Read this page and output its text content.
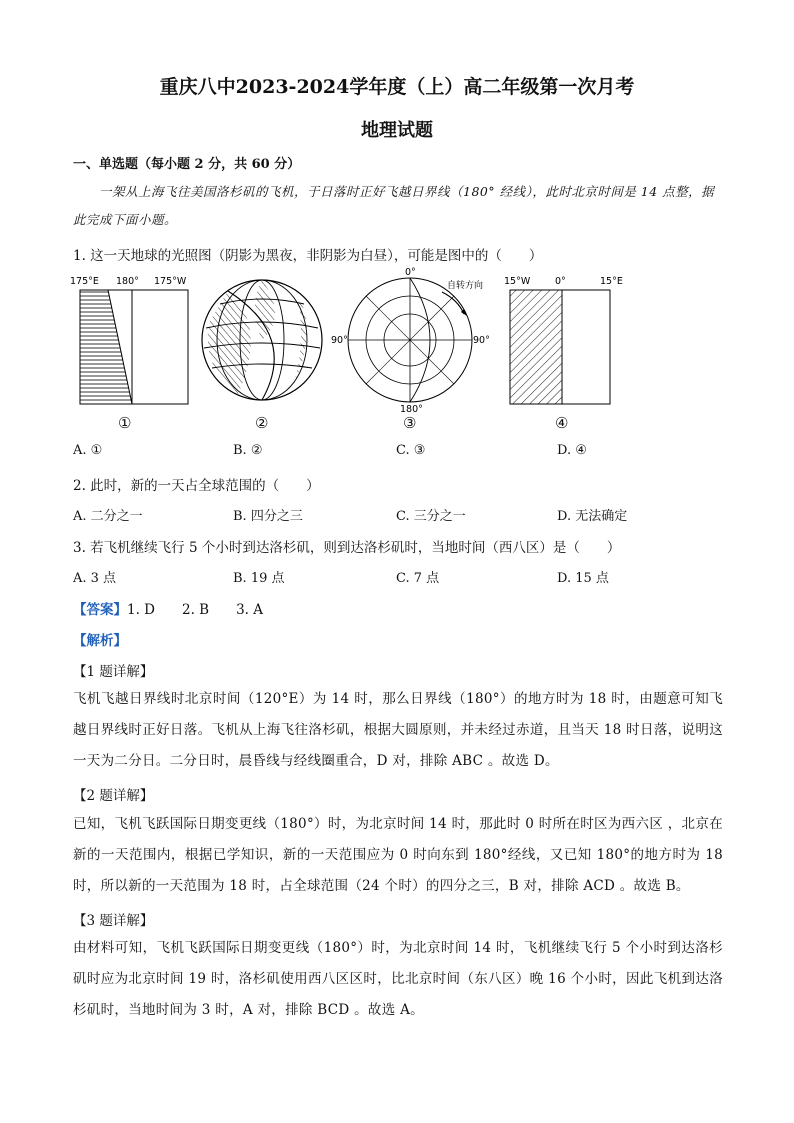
重庆八中2023-2024学年度（上）高二年级第一次月考
地理试题
一、单选题（每小题 2 分，共 60 分）
一架从上海飞往美国洛杉矶的飞机，于日落时正好飞越日界线（180° 经线），此时北京时间是 14 点整，据此完成下面小题。
1. 这一天地球的光照图（阴影为黑夜，非阴影为白昼），可能是图中的（　　）
175°E 180° 175°W
0°
90°	90°
180°
自转方向 15°W	0°	15°E
①	②	③	④
A. ①	B. ②	C. ③	D. ④
2. 此时，新的一天占全球范围的（　　）
A. 二分之一	B. 四分之三	C. 三分之一	D. 无法确定
3. 若飞机继续飞行 5 个小时到达洛杉矶，则到达洛杉矶时，当地时间（西八区）是（　　）
A. 3 点	B. 19 点	C. 7 点	D. 15 点
【答案】1. D　　2. B　　3. A
【解析】
【1 题详解】
飞机飞越日界线时北京时间（120°E）为 14 时，那么日界线（180°）的地方时为 18 时，由题意可知飞越日界线时正好日落。飞机从上海飞往洛杉矶，根据大圆原则，并未经过赤道，且当天 18 时日落，说明这一天为二分日。二分日时，晨昏线与经线圈重合，D 对，排除 ABC 。故选 D。
【2 题详解】
已知，飞机飞跃国际日期变更线（180°）时，为北京时间 14 时，那此时 0 时所在时区为西六区 ，北京在新的一天范围内，根据已学知识，新的一天范围应为 0 时向东到 180°经线，又已知 180°的地方时为 18 时，所以新的一天范围为 18 时，占全球范围（24 个时）的四分之三，B 对，排除 ACD 。故选 B。
【3 题详解】
由材料可知，飞机飞跃国际日期变更线（180°）时，为北京时间 14 时，飞机继续飞行 5 个小时到达洛杉矶时应为北京时间 19 时，洛杉矶使用西八区区时，比北京时间（东八区）晚 16 个小时，因此飞机到达洛杉矶时，当地时间为 3 时，A 对，排除 BCD 。故选 A。
